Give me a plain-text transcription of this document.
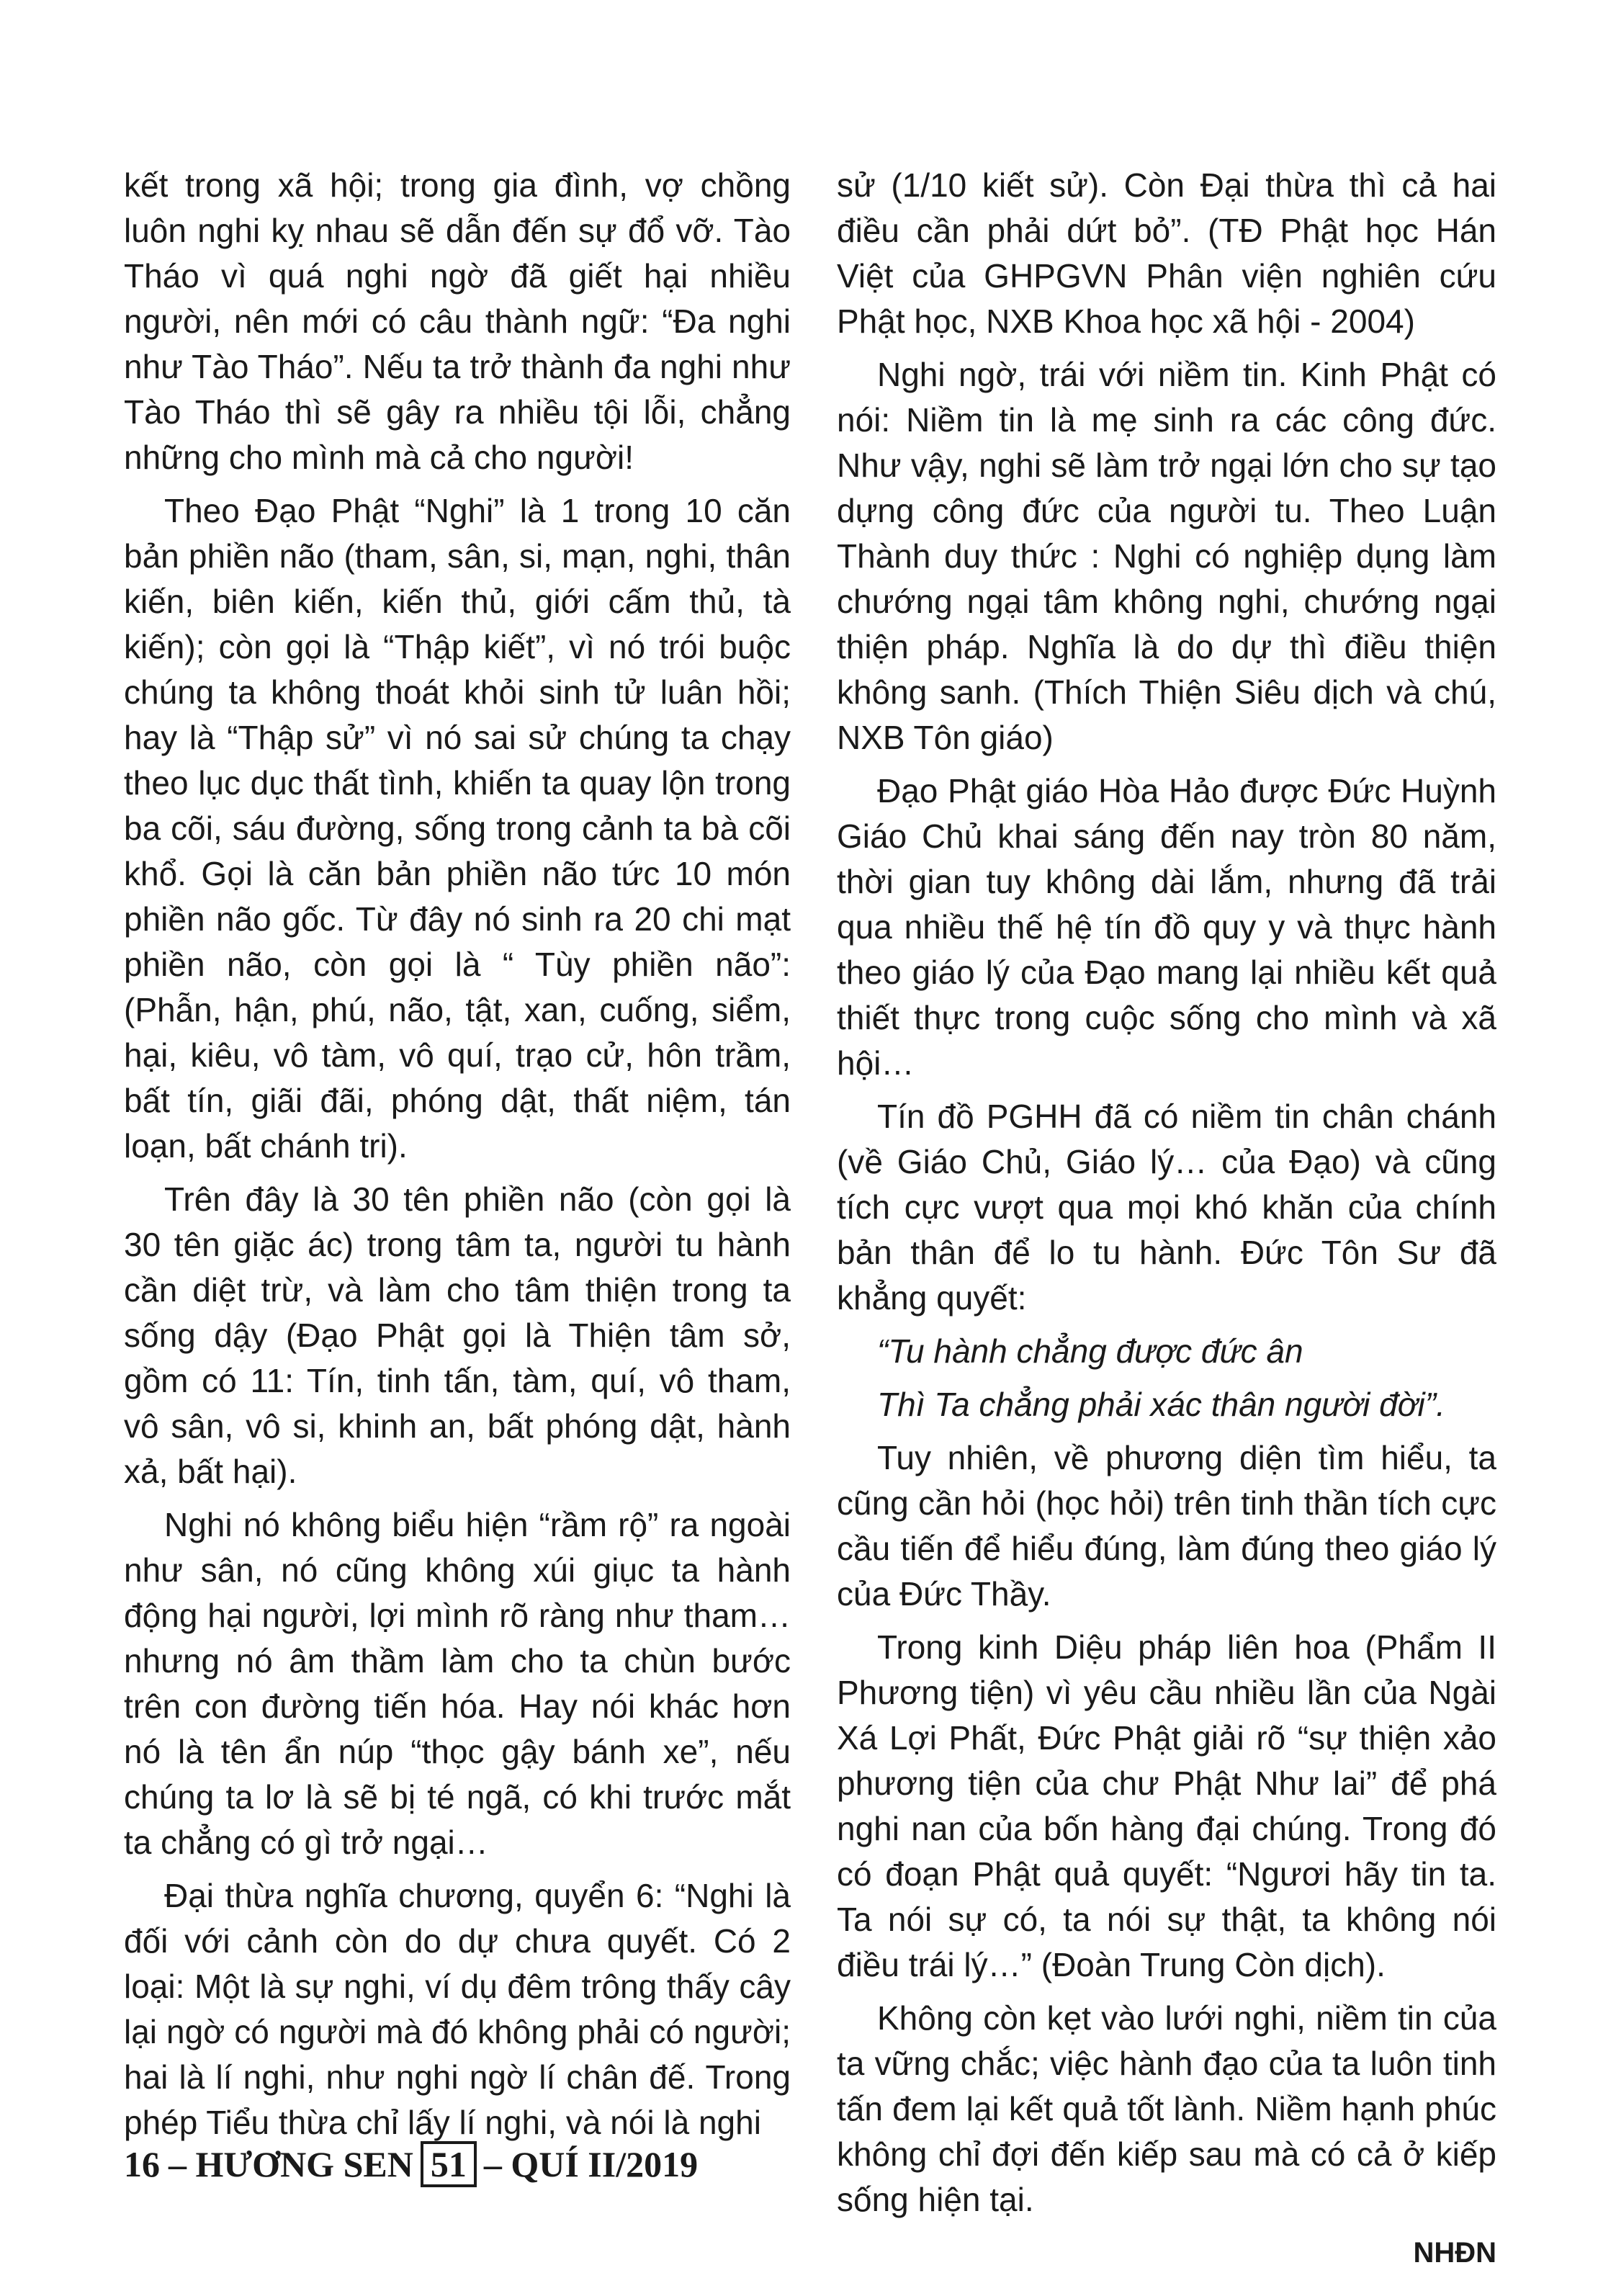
kết trong xã hội; trong gia đình, vợ chồng luôn nghi kỵ nhau sẽ dẫn đến sự đổ vỡ. Tào Tháo vì quá nghi ngờ đã giết hại nhiều người, nên mới có câu thành ngữ: “Đa nghi như Tào Tháo”. Nếu ta trở thành đa nghi như Tào Tháo thì sẽ gây ra nhiều tội lỗi, chẳng những cho mình mà cả cho người!

Theo Đạo Phật “Nghi” là 1 trong 10 căn bản phiền não (tham, sân, si, mạn, nghi, thân kiến, biên kiến, kiến thủ, giới cấm thủ, tà kiến); còn gọi là “Thập kiết”, vì nó trói buộc chúng ta không thoát khỏi sinh tử luân hồi; hay là “Thập sử” vì nó sai sử chúng ta chạy theo lục dục thất tình, khiến ta quay lộn trong ba cõi, sáu đường, sống trong cảnh ta bà cõi khổ. Gọi là căn bản phiền não tức 10 món phiền não gốc. Từ đây nó sinh ra 20 chi mạt phiền não, còn gọi là “ Tùy phiền não”: (Phẫn, hận, phú, não, tật, xan, cuống, siểm, hại, kiêu, vô tàm, vô quí, trạo cử, hôn trầm, bất tín, giãi đãi, phóng dật, thất niệm, tán loạn, bất chánh tri).

Trên đây là 30 tên phiền não (còn gọi là 30 tên giặc ác) trong tâm ta, người tu hành cần diệt trừ, và làm cho tâm thiện trong ta sống dậy (Đạo Phật gọi là Thiện tâm sở, gồm có 11: Tín, tinh tấn, tàm, quí, vô tham, vô sân, vô si, khinh an, bất phóng dật, hành xả, bất hại).

Nghi nó không biểu hiện “rầm rộ” ra ngoài như sân, nó cũng không xúi giục ta hành động hại người, lợi mình rõ ràng như tham… nhưng nó âm thầm làm cho ta chùn bước trên con đường tiến hóa. Hay nói khác hơn nó là tên ẩn núp “thọc gậy bánh xe”, nếu chúng ta lơ là sẽ bị té ngã, có khi trước mắt ta chẳng có gì trở ngại…

Đại thừa nghĩa chương, quyển 6: “Nghi là đối với cảnh còn do dự chưa quyết. Có 2 loại: Một là sự nghi, ví dụ đêm trông thấy cây lại ngờ có người mà đó không phải có người; hai là lí nghi, như nghi ngờ lí chân đế. Trong phép Tiểu thừa chỉ lấy lí nghi, và nói là nghi

sử (1/10 kiết sử). Còn Đại thừa thì cả hai điều cần phải dứt bỏ”. (TĐ Phật học Hán Việt của GHPGVN Phân viện nghiên cứu Phật học, NXB Khoa học xã hội - 2004)

Nghi ngờ, trái với niềm tin. Kinh Phật có nói: Niềm tin là mẹ sinh ra các công đức. Như vậy, nghi sẽ làm trở ngại lớn cho sự tạo dựng công đức của người tu. Theo Luận Thành duy thức : Nghi có nghiệp dụng làm chướng ngại tâm không nghi, chướng ngại thiện pháp. Nghĩa là do dự thì điều thiện không sanh. (Thích Thiện Siêu dịch và chú, NXB Tôn giáo)

Đạo Phật giáo Hòa Hảo được Đức Huỳnh Giáo Chủ khai sáng đến nay tròn 80 năm, thời gian tuy không dài lắm, nhưng đã trải qua nhiều thế hệ tín đồ quy y và thực hành theo giáo lý của Đạo mang lại nhiều kết quả thiết thực trong cuộc sống cho mình và xã hội…

Tín đồ PGHH đã có niềm tin chân chánh (về Giáo Chủ, Giáo lý… của Đạo) và cũng tích cực vượt qua mọi khó khăn của chính bản thân để lo tu hành. Đức Tôn Sư đã khẳng quyết:

“Tu hành chẳng được đức ân

Thì Ta chẳng phải xác thân người đời”.

Tuy nhiên, về phương diện tìm hiểu, ta cũng cần hỏi (học hỏi) trên tinh thần tích cực cầu tiến để hiểu đúng, làm đúng theo giáo lý của Đức Thầy.

Trong kinh Diệu pháp liên hoa (Phẩm II Phương tiện) vì yêu cầu nhiều lần của Ngài Xá Lợi Phất, Đức Phật giải rõ “sự thiện xảo phương tiện của chư Phật Như lai” để phá nghi nan của bốn hàng đại chúng. Trong đó có đoạn Phật quả quyết: “Ngươi hãy tin ta. Ta nói sự có, ta nói sự thật, ta không nói điều trái lý…” (Đoàn Trung Còn dịch).

Không còn kẹt vào lưới nghi, niềm tin của ta vững chắc; việc hành đạo của ta luôn tinh tấn đem lại kết quả tốt lành. Niềm hạnh phúc không chỉ đợi đến kiếp sau mà có cả ở kiếp sống hiện tại.

NHĐN

16 –
HƯƠNG SEN 51 –
QUÍ II/2019
